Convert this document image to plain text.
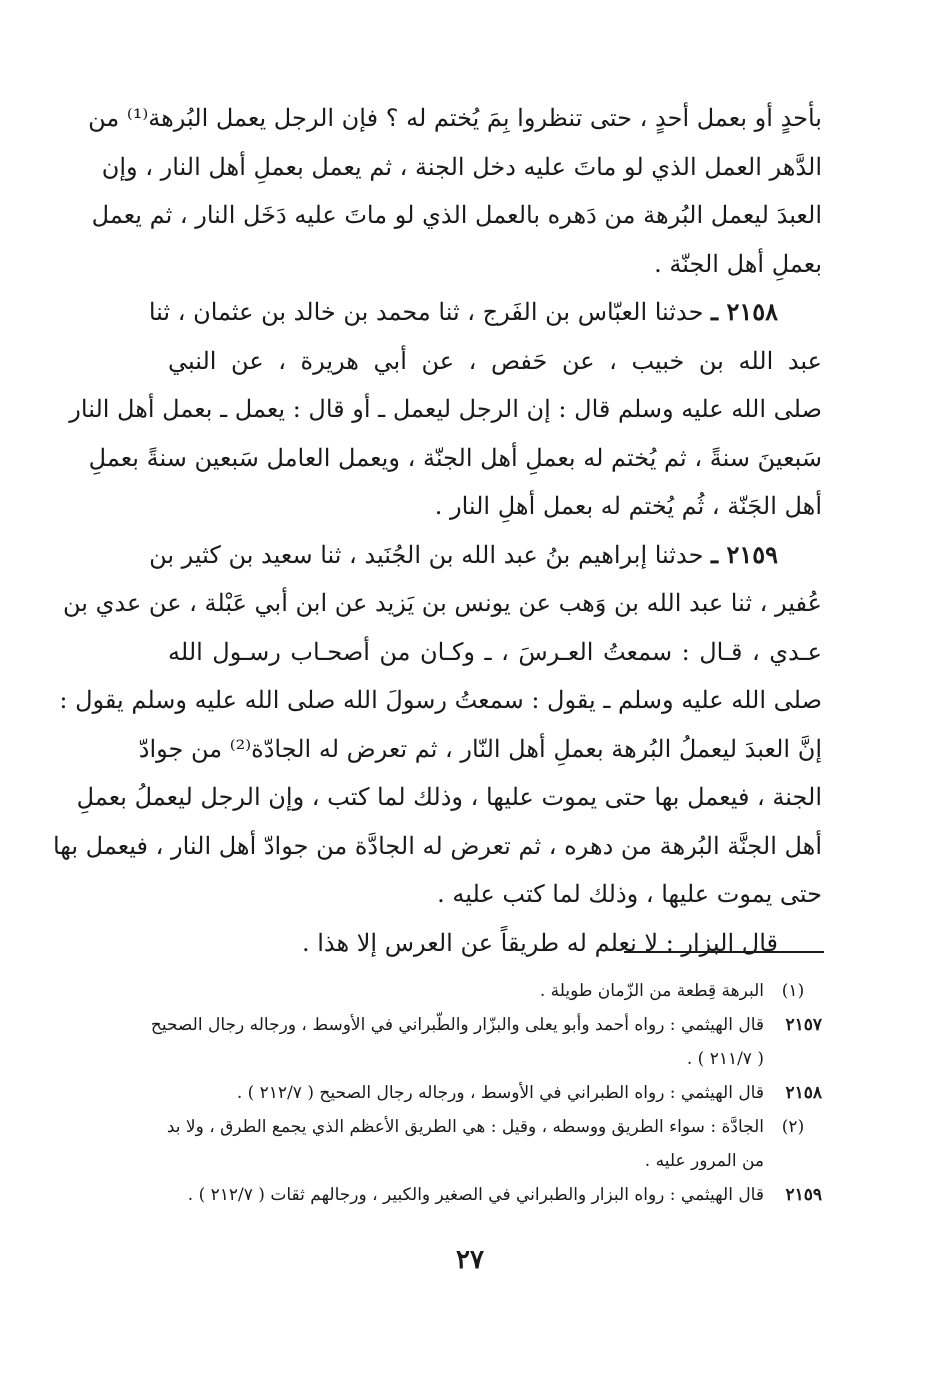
بأحدٍ أو بعمل أحدٍ ، حتى تنظروا بِمَ يُختم له ؟ فإن الرجل يعمل البُرهة⁽¹⁾ من
الدَّهر العمل الذي لو ماتَ عليه دخل الجنة ، ثم يعمل بعملِ أهل النار ، وإن
العبدَ ليعمل البُرهة من دَهره بالعمل الذي لو ماتَ عليه دَخَل النار ، ثم يعمل
بعملِ أهل الجنّة .

٢١٥٨ ـ حدثنا العبّاس بن الفَرج ، ثنا محمد بن خالد بن عثمان ، ثنا
عبد الله بن خبيب ، عن حَفص ، عن أبي هريرة ، عن النبي
صلى الله عليه وسلم قال : إن الرجل ليعمل ـ أو قال : يعمل ـ بعمل أهل النار
سَبعينَ سنةً ، ثم يُختم له بعملِ أهل الجنّة ، ويعمل العامل سَبعين سنةً بعملِ
أهل الجَنّة ، ثُم يُختم له بعمل أهلِ النار .

٢١٥٩ ـ حدثنا إبراهيم بنُ عبد الله بن الجُنَيد ، ثنا سعيد بن كثير بن
عُفير ، ثنا عبد الله بن وَهب عن يونس بن يَزيد عن ابن أبي عَبْلة ، عن عدي بن
عـدي ، قـال : سمعتُ العـرسَ ، ـ وكـان من أصحـاب رسـول الله
صلى الله عليه وسلم ـ يقول : سمعتُ رسولَ الله صلى الله عليه وسلم يقول :
إنَّ العبدَ ليعملُ البُرهة بعملِ أهل النّار ، ثم تعرض له الجادّة⁽²⁾ من جوادّ
الجنة ، فيعمل بها حتى يموت عليها ، وذلك لما كتب ، وإن الرجل ليعملُ بعملِ
أهل الجنَّة البُرهة من دهره ، ثم تعرض له الجادَّة من جوادّ أهل النار ، فيعمل بها
حتى يموت عليها ، وذلك لما كتب عليه .

قال البزار : لا نعلم له طريقاً عن العرس إلا هذا .

(١)
البرهة قِطعة من الزّمان طويلة .
٢١٥٧
قال الهيثمي : رواه أحمد وأبو يعلى والبزّار والطّبراني في الأوسط ، ورجاله رجال الصحيح
( ٢١١/٧ ) .
٢١٥٨
قال الهيثمي : رواه الطبراني في الأوسط ، ورجاله رجال الصحيح ( ٢١٢/٧ ) .
(٢)
الجادَّة : سواء الطريق ووسطه ، وقيل : هي الطريق الأعظم الذي يجمع الطرق ، ولا بد
من المرور عليه .
٢١٥٩
قال الهيثمي : رواه البزار والطبراني في الصغير والكبير ، ورجالهم ثقات ( ٢١٢/٧ ) .
٢٧
